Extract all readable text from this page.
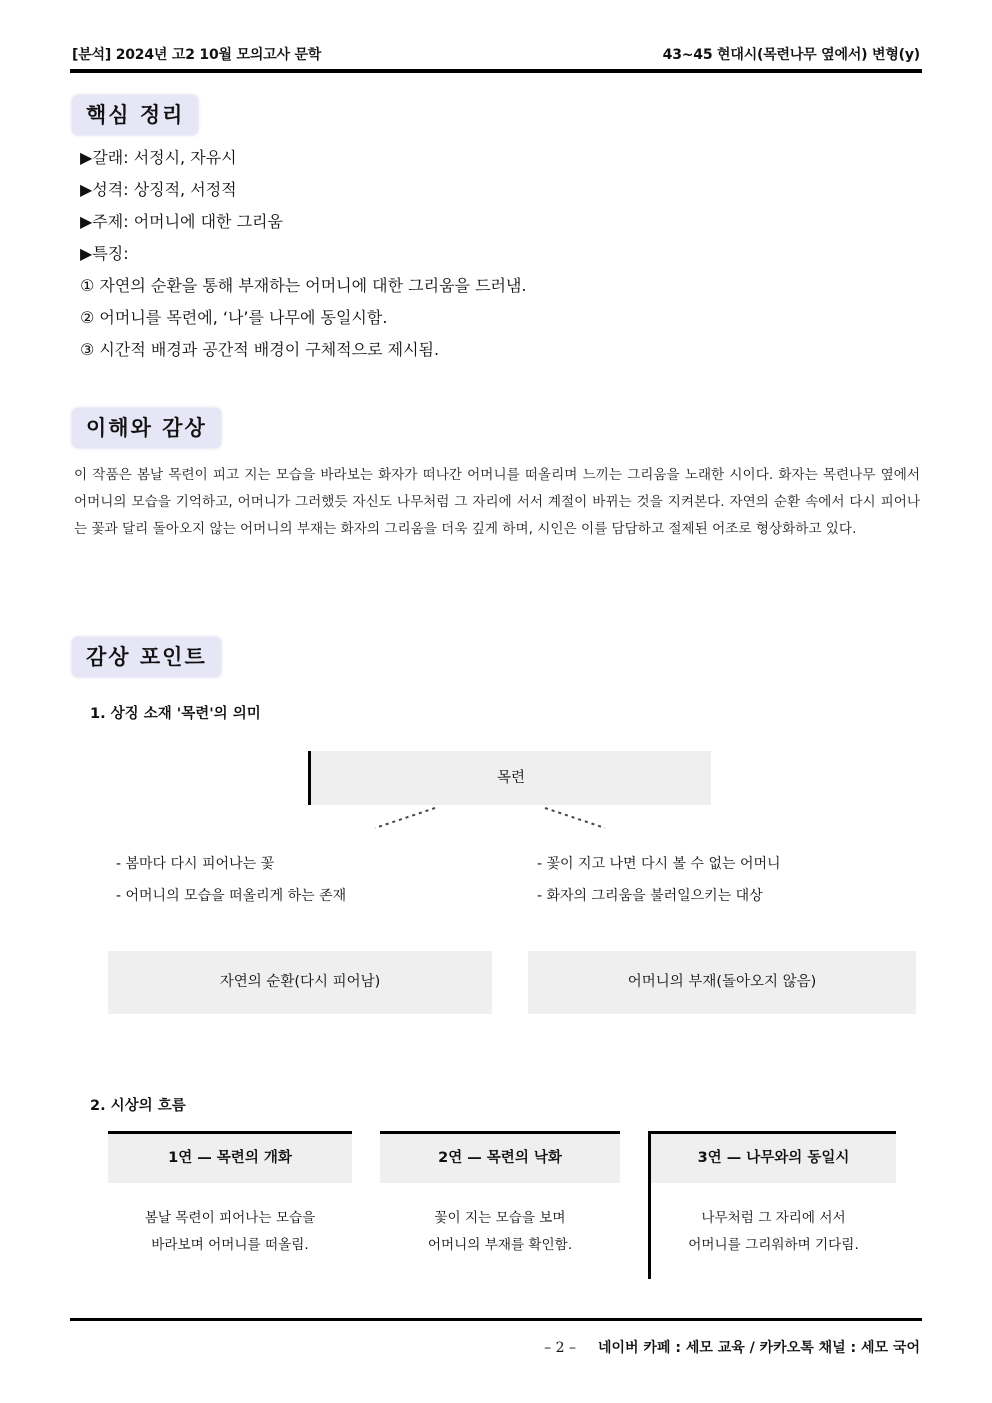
[분석] 2024년 고2 10월 모의고사 문학	43~45 현대시(목련나무 옆에서) 변형(y)
핵심 정리
▶갈래: 서정시, 자유시
▶성격: 상징적, 서정적
▶주제: 어머니에 대한 그리움
▶특징:
① 자연의 순환을 통해 부재하는 어머니에 대한 그리움을 드러냄.
② 어머니를 목련에, ‘나’를 나무에 동일시함.
③ 시간적 배경과 공간적 배경이 구체적으로 제시됨.
이해와 감상
이 작품은 봄날 목련이 피고 지는 모습을 바라보는 화자가 떠나간 어머니를 떠올리며 느끼는 그리움을 노래한 시이다. 화자는 목련나무 옆에서 어머니의 모습을 기억하고, 어머니가 그러했듯 자신도 나무처럼 그 자리에 서서 계절이 바뀌는 것을 지켜본다. 자연의 순환 속에서 다시 피어나는 꽃과 달리 돌아오지 않는 어머니의 부재는 화자의 그리움을 더욱 깊게 하며, 시인은 이를 담담하고 절제된 어조로 형상화하고 있다.
감상 포인트
1. 상징 소재 '목련'의 의미
목련
- 봄마다 다시 피어나는 꽃
- 어머니의 모습을 떠올리게 하는 존재
- 꽃이 지고 나면 다시 볼 수 없는 어머니
- 화자의 그리움을 불러일으키는 대상
자연의 순환(다시 피어남)	어머니의 부재(돌아오지 않음)
2. 시상의 흐름
1연 — 목련의 개화
봄날 목련이 피어나는 모습을
바라보며 어머니를 떠올림.
2연 — 목련의 낙화
꽃이 지는 모습을 보며
어머니의 부재를 확인함.
3연 — 나무와의 동일시
나무처럼 그 자리에 서서
어머니를 그리워하며 기다림.
– 2 – 네이버 카페 : 세모 교육 / 카카오톡 채널 : 세모 국어
